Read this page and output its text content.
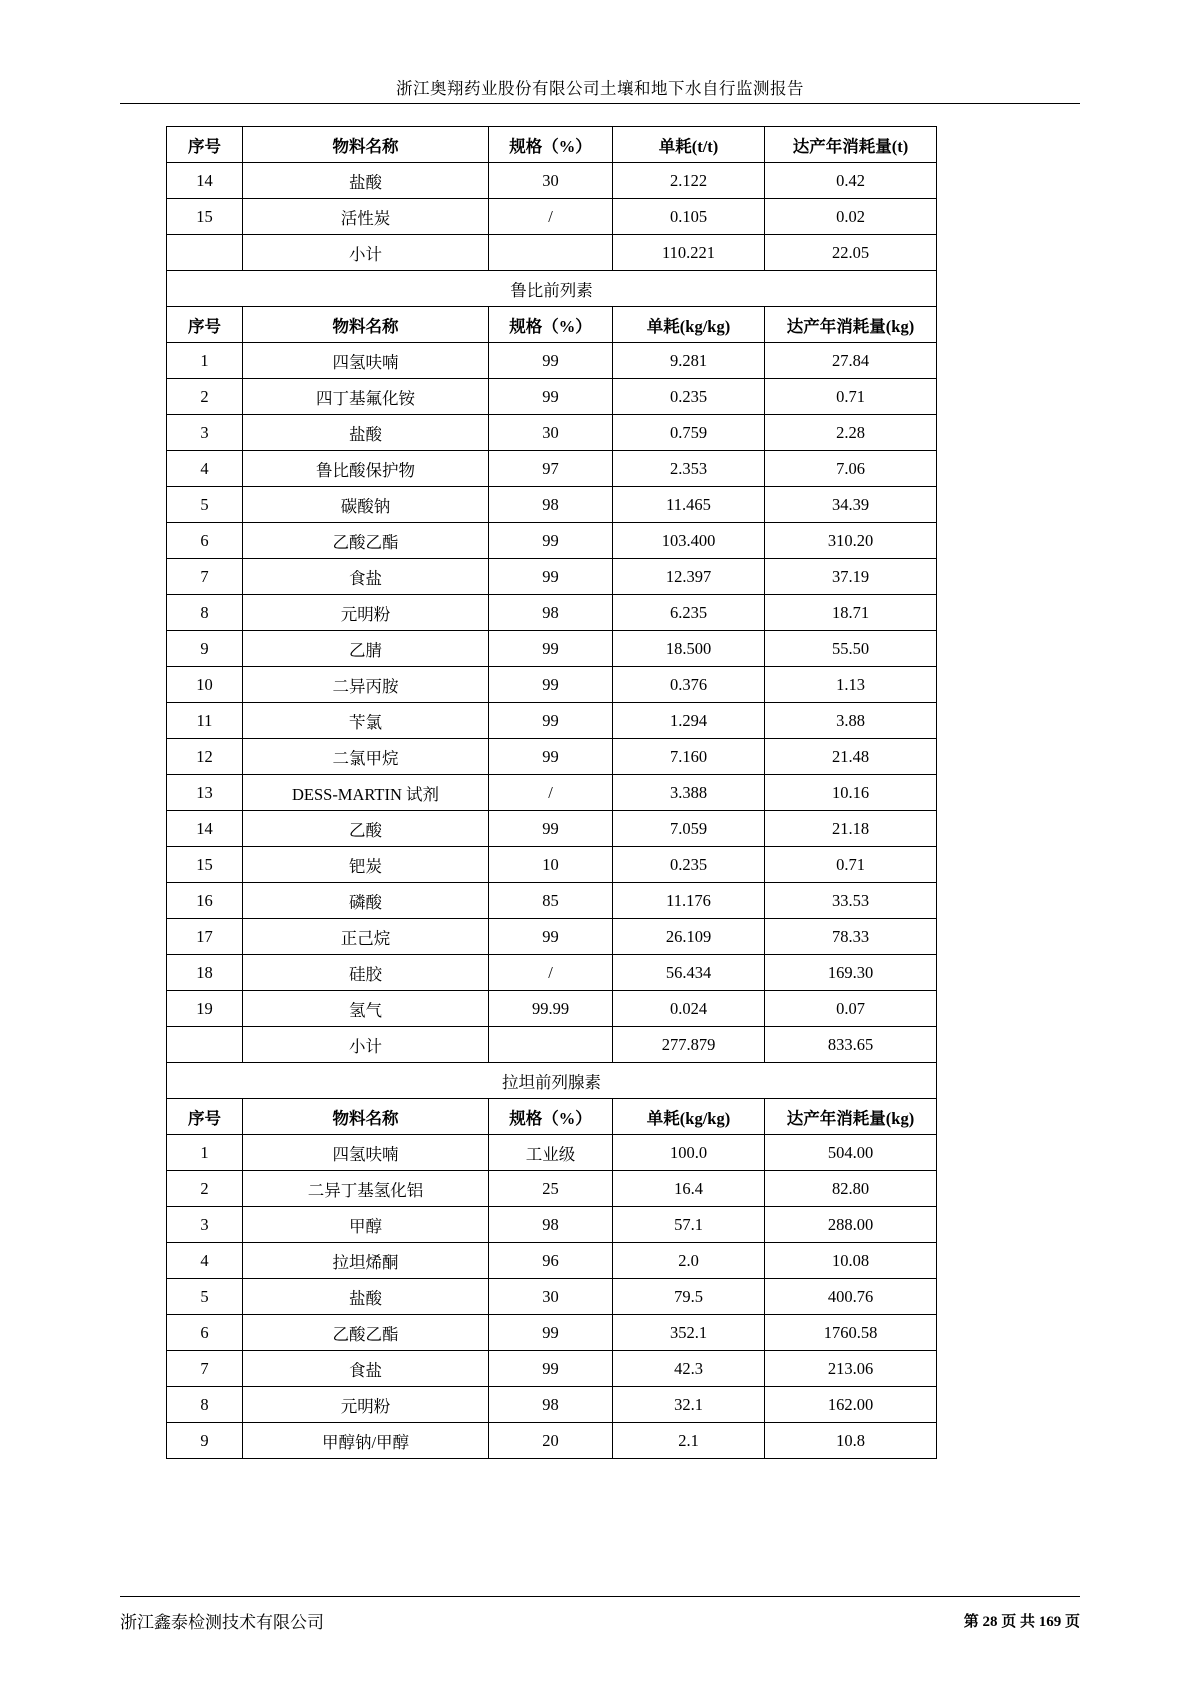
浙江奥翔药业股份有限公司土壤和地下水自行监测报告
序号	物料名称	规格（%）	单耗(t/t)	达产年消耗量(t)
14	盐酸	30	2.122	0.42
15	活性炭	/	0.105	0.02
	小计		110.221	22.05
鲁比前列素				
序号	物料名称	规格（%）	单耗(kg/kg)	达产年消耗量(kg)
1	四氢呋喃	99	9.281	27.84
2	四丁基氟化铵	99	0.235	0.71
3	盐酸	30	0.759	2.28
4	鲁比酸保护物	97	2.353	7.06
5	碳酸钠	98	11.465	34.39
6	乙酸乙酯	99	103.400	310.20
7	食盐	99	12.397	37.19
8	元明粉	98	6.235	18.71
9	乙腈	99	18.500	55.50
10	二异丙胺	99	0.376	1.13
11	苄氯	99	1.294	3.88
12	二氯甲烷	99	7.160	21.48
13	DESS-MARTIN 试剂	/	3.388	10.16
14	乙酸	99	7.059	21.18
15	钯炭	10	0.235	0.71
16	磷酸	85	11.176	33.53
17	正己烷	99	26.109	78.33
18	硅胶	/	56.434	169.30
19	氢气	99.99	0.024	0.07
	小计		277.879	833.65
拉坦前列腺素				
序号	物料名称	规格（%）	单耗(kg/kg)	达产年消耗量(kg)
1	四氢呋喃	工业级	100.0	504.00
2	二异丁基氢化铝	25	16.4	82.80
3	甲醇	98	57.1	288.00
4	拉坦烯酮	96	2.0	10.08
5	盐酸	30	79.5	400.76
6	乙酸乙酯	99	352.1	1760.58
7	食盐	99	42.3	213.06
8	元明粉	98	32.1	162.00
9	甲醇钠/甲醇	20	2.1	10.8
浙江鑫泰检测技术有限公司	第 28 页 共 169 页
